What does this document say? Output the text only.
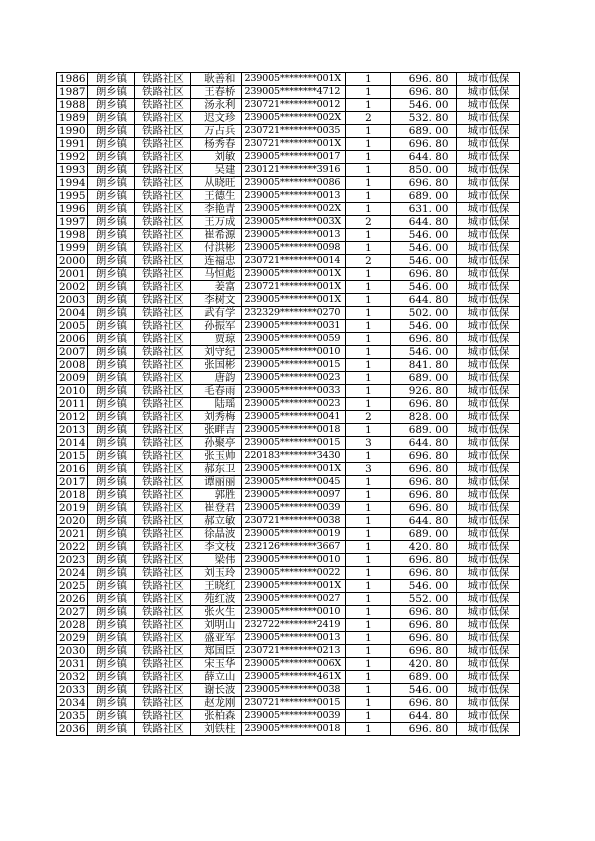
1986	朗乡镇	铁路社区	耿善和	239005********001X	1	696. 80	城市低保
1987	朗乡镇	铁路社区	王春桥	239005********4712	1	696. 80	城市低保
1988	朗乡镇	铁路社区	汤永利	230721********0012	1	546. 00	城市低保
1989	朗乡镇	铁路社区	迟文珍	239005********002X	2	532. 80	城市低保
1990	朗乡镇	铁路社区	万占兵	230721********0035	1	689. 00	城市低保
1991	朗乡镇	铁路社区	杨秀春	230721********001X	1	696. 80	城市低保
1992	朗乡镇	铁路社区	刘敏	239005********0017	1	644. 80	城市低保
1993	朗乡镇	铁路社区	吴建	230121********3916	1	850. 00	城市低保
1994	朗乡镇	铁路社区	从晓旺	239005********0086	1	696. 80	城市低保
1995	朗乡镇	铁路社区	王德生	239005********0013	1	689. 00	城市低保
1996	朗乡镇	铁路社区	李艳青	239005********002X	1	631. 00	城市低保
1997	朗乡镇	铁路社区	王万成	239005********003X	2	644. 80	城市低保
1998	朗乡镇	铁路社区	崔希源	239005********0013	1	546. 00	城市低保
1999	朗乡镇	铁路社区	付洪彬	239005********0098	1	546. 00	城市低保
2000	朗乡镇	铁路社区	连福忠	230721********0014	2	546. 00	城市低保
2001	朗乡镇	铁路社区	马恒彪	239005********001X	1	696. 80	城市低保
2002	朗乡镇	铁路社区	姜富	230721********001X	1	546. 00	城市低保
2003	朗乡镇	铁路社区	李树文	239005********001X	1	644. 80	城市低保
2004	朗乡镇	铁路社区	武有学	232329********0270	1	502. 00	城市低保
2005	朗乡镇	铁路社区	孙振军	239005********0031	1	546. 00	城市低保
2006	朗乡镇	铁路社区	贾琼	239005********0059	1	696. 80	城市低保
2007	朗乡镇	铁路社区	刘守纪	239005********0010	1	546. 00	城市低保
2008	朗乡镇	铁路社区	张国彬	239005********0015	1	841. 80	城市低保
2009	朗乡镇	铁路社区	唐韵	239005********0023	1	689. 00	城市低保
2010	朗乡镇	铁路社区	毛春雨	239005********0033	1	926. 80	城市低保
2011	朗乡镇	铁路社区	陆瑶	239005********0023	1	696. 80	城市低保
2012	朗乡镇	铁路社区	刘秀梅	239005********0041	2	828. 00	城市低保
2013	朗乡镇	铁路社区	张畔吉	239005********0018	1	689. 00	城市低保
2014	朗乡镇	铁路社区	孙聚亭	239005********0015	3	644. 80	城市低保
2015	朗乡镇	铁路社区	张玉帅	220183********3430	1	696. 80	城市低保
2016	朗乡镇	铁路社区	郝东卫	239005********001X	3	696. 80	城市低保
2017	朗乡镇	铁路社区	谭丽丽	239005********0045	1	696. 80	城市低保
2018	朗乡镇	铁路社区	郭胜	239005********0097	1	696. 80	城市低保
2019	朗乡镇	铁路社区	崔登君	239005********0039	1	696. 80	城市低保
2020	朗乡镇	铁路社区	郝立敏	230721********0038	1	644. 80	城市低保
2021	朗乡镇	铁路社区	徐晶波	239005********0019	1	689. 00	城市低保
2022	朗乡镇	铁路社区	李文枝	232126********3667	1	420. 80	城市低保
2023	朗乡镇	铁路社区	梁伟	239005********0010	1	696. 80	城市低保
2024	朗乡镇	铁路社区	刘玉玲	239005********0022	1	696. 80	城市低保
2025	朗乡镇	铁路社区	王晓红	239005********001X	1	546. 00	城市低保
2026	朗乡镇	铁路社区	苑红波	239005********0027	1	552. 00	城市低保
2027	朗乡镇	铁路社区	张火生	239005********0010	1	696. 80	城市低保
2028	朗乡镇	铁路社区	刘明山	232722********2419	1	696. 80	城市低保
2029	朗乡镇	铁路社区	盛亚军	239005********0013	1	696. 80	城市低保
2030	朗乡镇	铁路社区	郑国臣	230721********0213	1	696. 80	城市低保
2031	朗乡镇	铁路社区	宋玉华	239005********006X	1	420. 80	城市低保
2032	朗乡镇	铁路社区	薛立山	239005********461X	1	689. 00	城市低保
2033	朗乡镇	铁路社区	谢长波	239005********0038	1	546. 00	城市低保
2034	朗乡镇	铁路社区	赵龙刚	230721********0015	1	696. 80	城市低保
2035	朗乡镇	铁路社区	张柏森	239005********0039	1	644. 80	城市低保
2036	朗乡镇	铁路社区	刘铁柱	239005********0018	1	696. 80	城市低保
